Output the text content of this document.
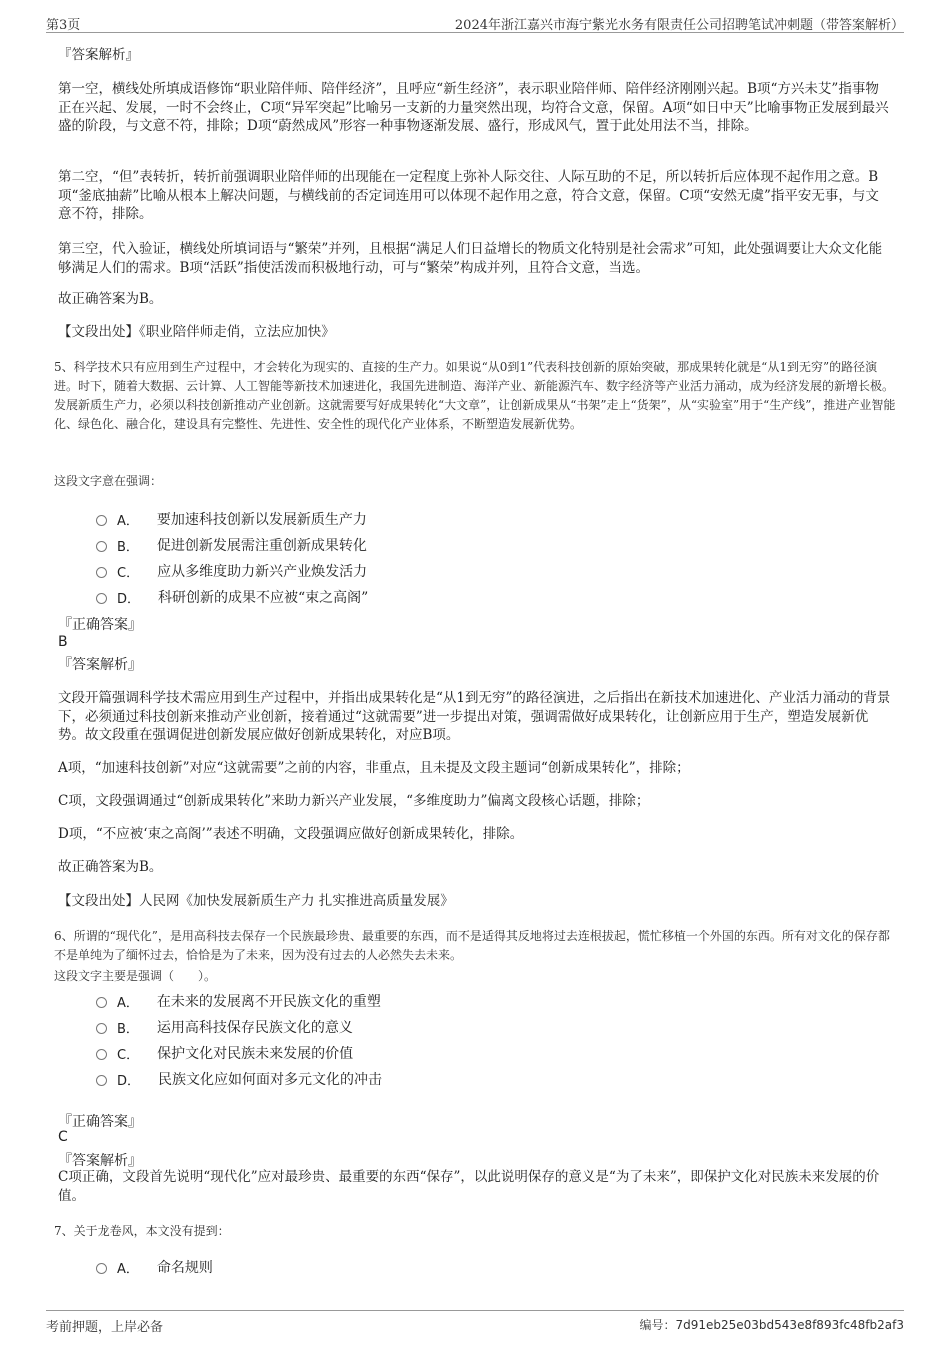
第3页	2024年浙江嘉兴市海宁紫光水务有限责任公司招聘笔试冲刺题（带答案解析）

『答案解析』

第一空，横线处所填成语修饰“职业陪伴师、陪伴经济”，且呼应“新生经济”，表示职业陪伴师、陪伴经济刚刚兴起。B项“方兴未艾”指事物正在兴起、发展，一时不会终止，C项“异军突起”比喻另一支新的力量突然出现，均符合文意，保留。A项“如日中天”比喻事物正发展到最兴盛的阶段，与文意不符，排除；D项“蔚然成风”形容一种事物逐渐发展、盛行，形成风气，置于此处用法不当，排除。

第二空，“但”表转折，转折前强调职业陪伴师的出现能在一定程度上弥补人际交往、人际互助的不足，所以转折后应体现不起作用之意。B项“釜底抽薪”比喻从根本上解决问题，与横线前的否定词连用可以体现不起作用之意，符合文意，保留。C项“安然无虞”指平安无事，与文意不符，排除。

第三空，代入验证，横线处所填词语与“繁荣”并列，且根据“满足人们日益增长的物质文化特别是社会需求”可知，此处强调要让大众文化能够满足人们的需求。B项“活跃”指使活泼而积极地行动，可与“繁荣”构成并列，且符合文意，当选。

故正确答案为B。

【文段出处】《职业陪伴师走俏，立法应加快》

5、科学技术只有应用到生产过程中，才会转化为现实的、直接的生产力。如果说“从0到1”代表科技创新的原始突破，那成果转化就是“从1到无穷”的路径演进。时下，随着大数据、云计算、人工智能等新技术加速进化，我国先进制造、海洋产业、新能源汽车、数字经济等产业活力涌动，成为经济发展的新增长极。发展新质生产力，必须以科技创新推动产业创新。这就需要写好成果转化“大文章”，让创新成果从“书架”走上“货架”，从“实验室”用于“生产线”，推进产业智能化、绿色化、融合化，建设具有完整性、先进性、安全性的现代化产业体系，不断塑造发展新优势。

这段文字意在强调：

A． 要加速科技创新以发展新质生产力
B． 促进创新发展需注重创新成果转化
C． 应从多维度助力新兴产业焕发活力
D． 科研创新的成果不应被“束之高阁”

『正确答案』

B

『答案解析』

文段开篇强调科学技术需应用到生产过程中，并指出成果转化是“从1到无穷”的路径演进，之后指出在新技术加速进化、产业活力涌动的背景下，必须通过科技创新来推动产业创新，接着通过“这就需要”进一步提出对策，强调需做好成果转化，让创新应用于生产，塑造发展新优势。故文段重在强调促进创新发展应做好创新成果转化，对应B项。

A项，“加速科技创新”对应“这就需要”之前的内容，非重点，且未提及文段主题词“创新成果转化”，排除；

C项，文段强调通过“创新成果转化”来助力新兴产业发展，“多维度助力”偏离文段核心话题，排除；

D项，“不应被‘束之高阁’”表述不明确，文段强调应做好创新成果转化，排除。

故正确答案为B。

【文段出处】人民网《加快发展新质生产力 扎实推进高质量发展》

6、所谓的“现代化”，是用高科技去保存一个民族最珍贵、最重要的东西，而不是适得其反地将过去连根拔起，慌忙移植一个外国的东西。所有对文化的保存都不是单纯为了缅怀过去，恰恰是为了未来，因为没有过去的人必然失去未来。

这段文字主要是强调（　　）。

A． 在未来的发展离不开民族文化的重塑
B． 运用高科技保存民族文化的意义
C． 保护文化对民族未来发展的价值
D． 民族文化应如何面对多元文化的冲击

『正确答案』

C

『答案解析』

C项正确，文段首先说明“现代化”应对最珍贵、最重要的东西“保存”，以此说明保存的意义是“为了未来”，即保护文化对民族未来发展的价值。

7、关于龙卷风，本文没有提到：

A． 命名规则
考前押题，上岸必备	编号：7d91eb25e03bd543e8f893fc48fb2af3
